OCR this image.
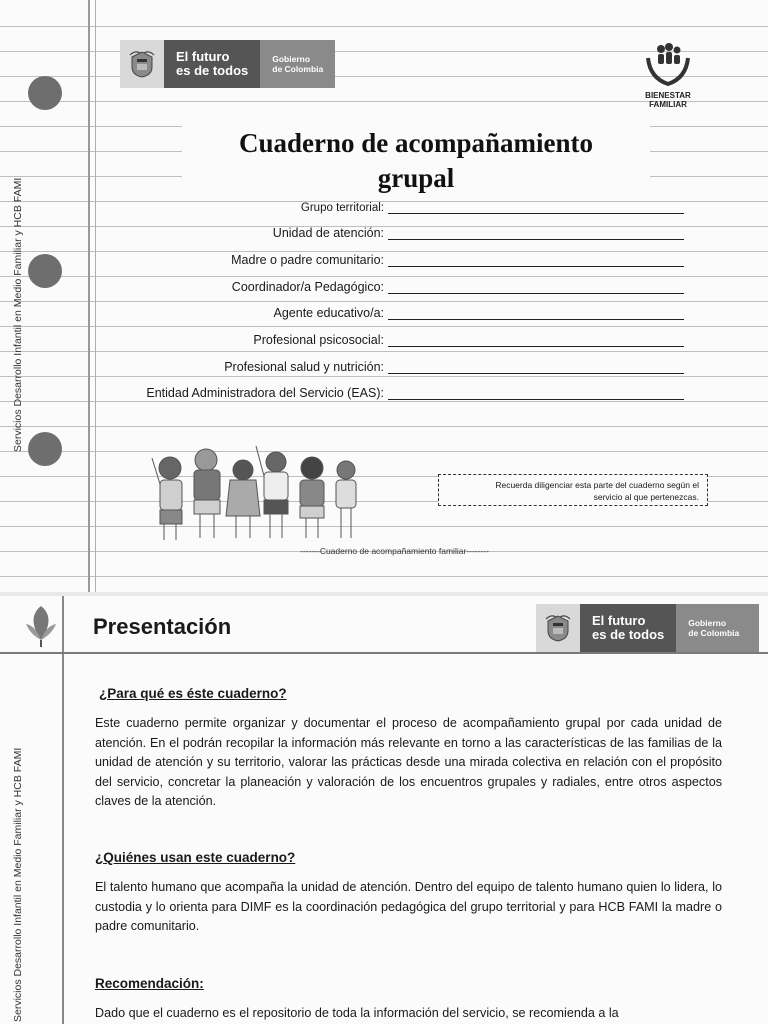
Servicios Desarrollo Infantil en Medio Familiar y HCB FAMI
El futuro
es de todos
Gobierno
de Colombia
BIENESTAR
FAMILIAR
Cuaderno de acompañamiento
grupal
Grupo territorial:
Unidad de atención:
Madre o padre comunitario:
Coordinador/a Pedagógico:
Agente educativo/a:
Profesional psicosocial:
Profesional salud y nutrición:
Entidad Administradora del Servicio (EAS):
Recuerda diligenciar esta parte del cuaderno según el
servicio al que pertenezcas.
-------Cuaderno de acompañamiento familiar--------
Presentación	El futuro
es de todos
Gobierno
de Colombia
Servicios Desarrollo Infantil en Medio Familiar y HCB FAMI
¿Para qué es éste cuaderno?
Este cuaderno permite organizar y documentar el proceso de acompañamiento grupal por cada unidad de atención. En el podrán recopilar la información más relevante en torno a las características de las familias de la unidad de atención y su territorio, valorar las prácticas desde una mirada colectiva en relación con el propósito del servicio, concretar la planeación y valoración de los encuentros grupales y radiales, entre otros aspectos claves de la atención.
¿Quiénes usan este cuaderno?
El talento humano que acompaña la unidad de atención. Dentro del equipo de talento humano quien lo lidera, lo custodia y lo orienta para DIMF es la coordinación pedagógica del grupo territorial y para HCB FAMI la madre o padre comunitario.
Recomendación:
Dado que el cuaderno es el repositorio de toda la información del servicio, se recomienda a la
